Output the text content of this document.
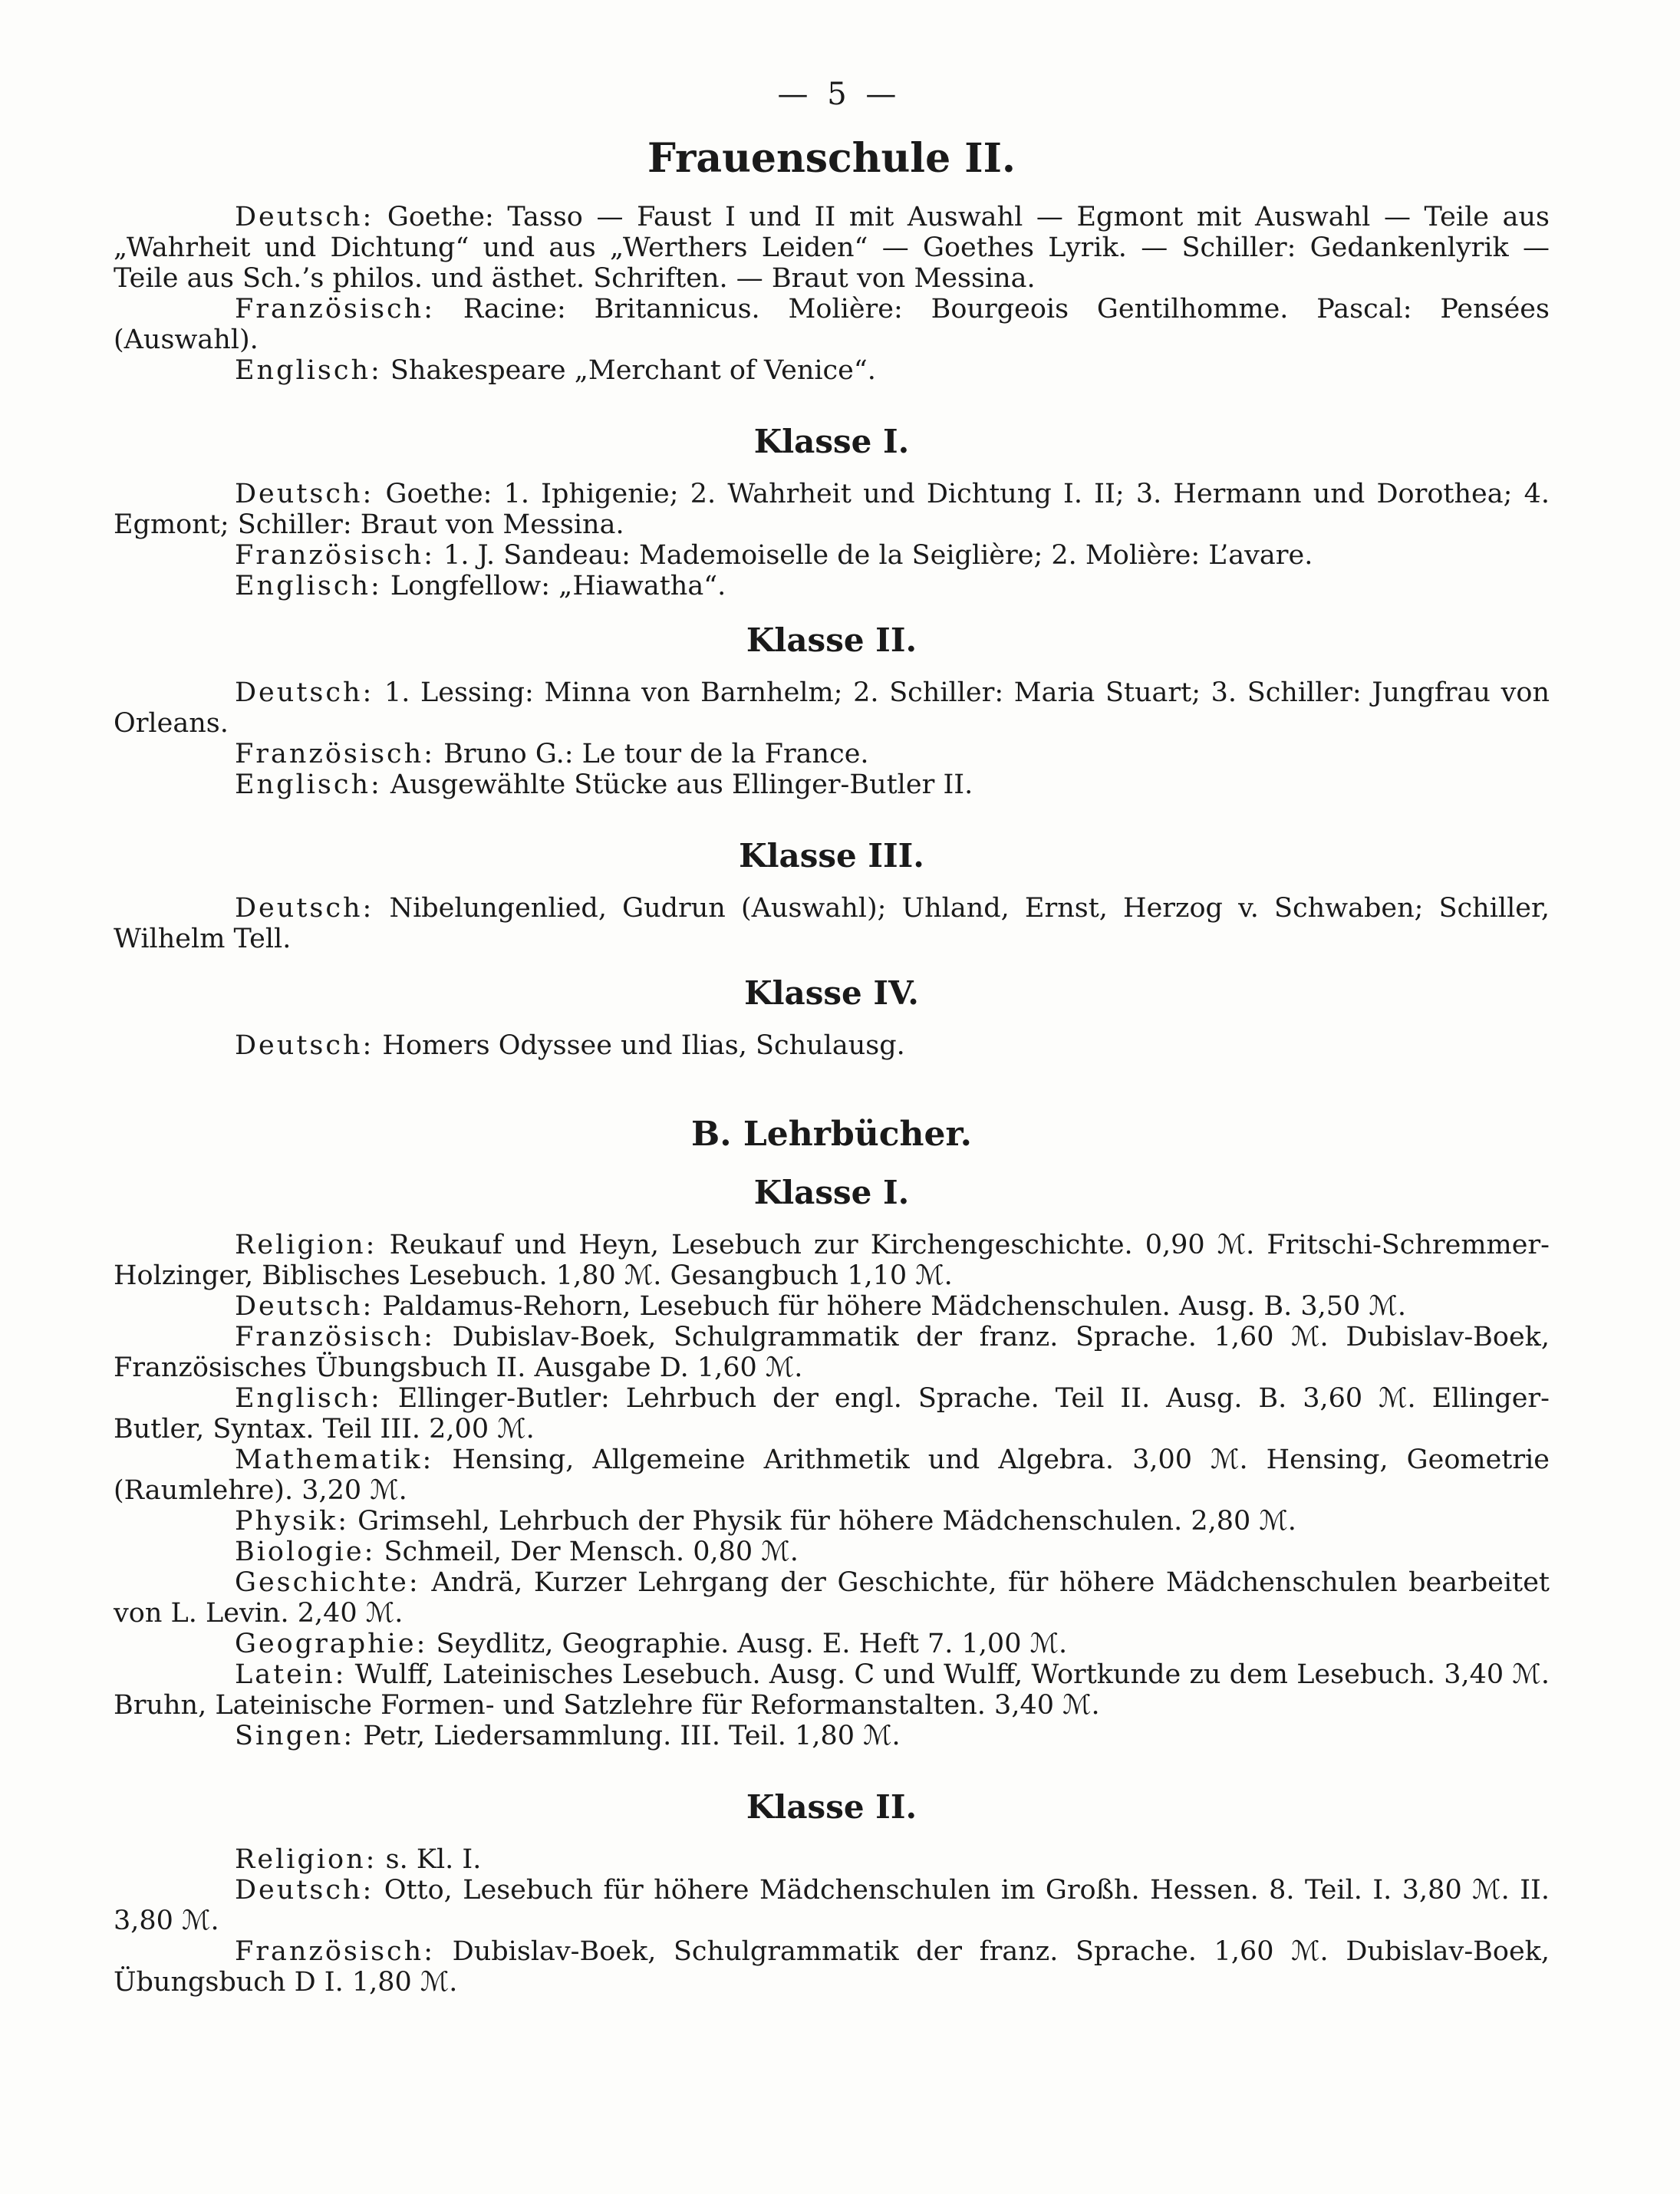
— 5 —
Frauenschule II.

Deutsch: Goethe: Tasso — Faust I und II mit Auswahl — Egmont mit Auswahl — Teile aus „Wahrheit und Dichtung“ und aus „Werthers Leiden“ — Goethes Lyrik. — Schiller: Gedankenlyrik — Teile aus Sch.’s philos. und ästhet. Schriften. — Braut von Messina.

Französisch: Racine: Britannicus. Molière: Bourgeois Gentilhomme. Pascal: Pensées (Auswahl).

Englisch: Shakespeare „Merchant of Venice“.

Klasse I.

Deutsch: Goethe: 1. Iphigenie; 2. Wahrheit und Dichtung I. II; 3. Hermann und Dorothea; 4. Egmont; Schiller: Braut von Messina.

Französisch: 1. J. Sandeau: Mademoiselle de la Seiglière; 2. Molière: L’avare.

Englisch: Longfellow: „Hiawatha“.

Klasse II.

Deutsch: 1. Lessing: Minna von Barnhelm; 2. Schiller: Maria Stuart; 3. Schiller: Jungfrau von Orleans.

Französisch: Bruno G.: Le tour de la France.

Englisch: Ausgewählte Stücke aus Ellinger-Butler II.

Klasse III.

Deutsch: Nibelungenlied, Gudrun (Auswahl); Uhland, Ernst, Herzog v. Schwaben; Schiller, Wilhelm Tell.

Klasse IV.

Deutsch: Homers Odyssee und Ilias, Schulausg.

B. Lehrbücher.
Klasse I.

Religion: Reukauf und Heyn, Lesebuch zur Kirchengeschichte. 0,90 ℳ. Fritschi-Schremmer-Holzinger, Biblisches Lesebuch. 1,80 ℳ. Gesangbuch 1,10 ℳ.

Deutsch: Paldamus-Rehorn, Lesebuch für höhere Mädchenschulen. Ausg. B. 3,50 ℳ.

Französisch: Dubislav-Boek, Schulgrammatik der franz. Sprache. 1,60 ℳ. Dubislav-Boek, Französisches Übungsbuch II. Ausgabe D. 1,60 ℳ.

Englisch: Ellinger-Butler: Lehrbuch der engl. Sprache. Teil II. Ausg. B. 3,60 ℳ. Ellinger-Butler, Syntax. Teil III. 2,00 ℳ.

Mathematik: Hensing, Allgemeine Arithmetik und Algebra. 3,00 ℳ. Hensing, Geometrie (Raumlehre). 3,20 ℳ.

Physik: Grimsehl, Lehrbuch der Physik für höhere Mädchenschulen. 2,80 ℳ.

Biologie: Schmeil, Der Mensch. 0,80 ℳ.

Geschichte: Andrä, Kurzer Lehrgang der Geschichte, für höhere Mädchenschulen bearbeitet von L. Levin. 2,40 ℳ.

Geographie: Seydlitz, Geographie. Ausg. E. Heft 7. 1,00 ℳ.

Latein: Wulff, Lateinisches Lesebuch. Ausg. C und Wulff, Wortkunde zu dem Lesebuch. 3,40 ℳ. Bruhn, Lateinische Formen- und Satzlehre für Reformanstalten. 3,40 ℳ.

Singen: Petr, Liedersammlung. III. Teil. 1,80 ℳ.

Klasse II.

Religion: s. Kl. I.

Deutsch: Otto, Lesebuch für höhere Mädchenschulen im Großh. Hessen. 8. Teil. I. 3,80 ℳ. II. 3,80 ℳ.

Französisch: Dubislav-Boek, Schulgrammatik der franz. Sprache. 1,60 ℳ. Dubislav-Boek, Übungsbuch D I. 1,80 ℳ.
